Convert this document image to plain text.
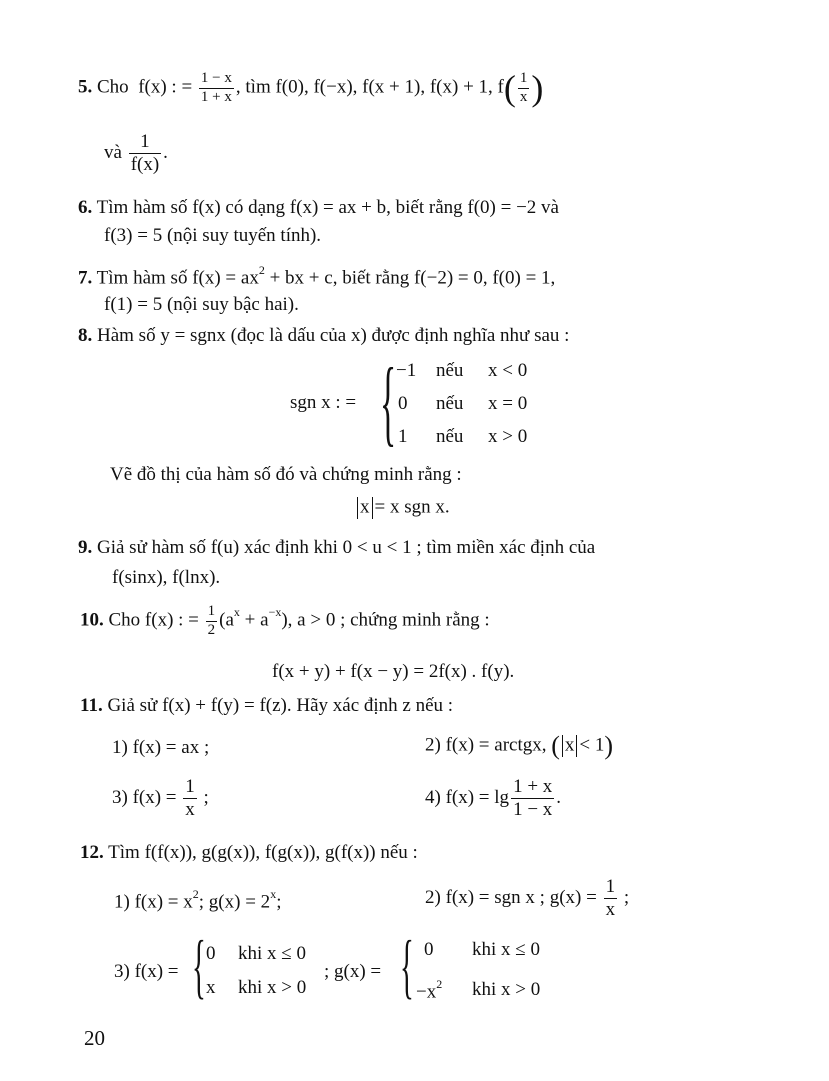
5. Cho f(x) : = $\frac{1 - x}{1 + x}$ , tìm f(0), f(−x), f(x + 1), f(x) + 1, $f( \frac{1}{x}$ )
và $\frac{1}{f(x)}$ .
6. Tìm hàm số f(x) có dạng f(x) = ax + b, biết rằng f(0) = −2 và
f(3) = 5 (nội suy tuyến tính).
7. Tìm hàm số $f(x) = ax^2$ + bx + c, biết rằng f(−2) = 0, f(0) = 1,
f(1) = 5 (nội suy bậc hai).
8. Hàm số y = sgnx (đọc là dấu của x) được định nghĩa như sau :
sgn x : = { −1 nếu x < 0
0 nếu x = 0
1 nếu x > 0
Vẽ đồ thị của hàm số đó và chứng minh rằng :
x = x sgn x.
9. Giả sử hàm số f(u) xác định khi 0 < u < 1 ; tìm miền xác định của
f(sinx), f(lnx).
10. Cho f(x) : = $\frac{1}{2} (a^x + a^{-x})$, a > 0 ; chứng minh rằng :
f(x + y) + f(x − y) = 2f(x) . f(y).
11. Giả sử f(x) + f(y) = f(z). Hãy xác định z nếu :
1) f(x) = ax ;	2) f(x) = arctgx, ( x < 1)
3) $f(x) = \frac{1}{x}$ ;	4) $f(x) = \lg \frac{1 + x}{1 - x}$ .
12. Tìm f(f(x)), g(g(x)), f(g(x)), g(f(x)) nếu :
1) $f(x) = x^2$; $g(x) = 2^x$;	2) f(x) = sgn x ; $g(x) = \frac{1}{x}$ ;
3) f(x) = { 0 khi x ≤ 0
x khi x > 0
; g(x) = { 0 khi x ≤ 0
$-x^2$ khi x > 0
20
